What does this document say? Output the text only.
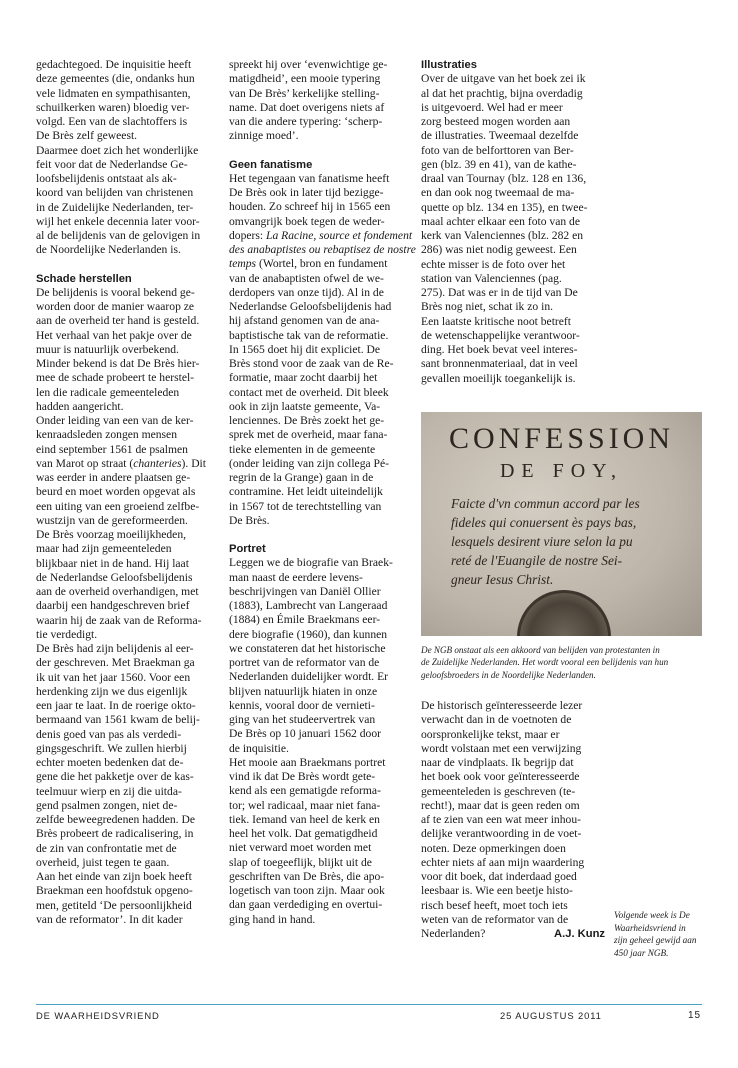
gedachtegoed. De inquisitie heeft
deze gemeentes (die, ondanks hun
vele lidmaten en sympathisanten,
schuilkerken waren) bloedig ver-
volgd. Een van de slachtoffers is
De Brès zelf geweest.
Daarmee doet zich het wonderlijke
feit voor dat de Nederlandse Ge-
loofsbelijdenis ontstaat als ak-
koord van belijden van christenen
in de Zuidelijke Nederlanden, ter-
wijl het enkele decennia later voor-
al de belijdenis van de gelovigen in
de Noordelijke Nederlanden is.

Schade herstellen

De belijdenis is vooral bekend ge-
worden door de manier waarop ze
aan de overheid ter hand is gesteld.
Het verhaal van het pakje over de
muur is natuurlijk overbekend.
Minder bekend is dat De Brès hier-
mee de schade probeert te herstel-
len die radicale gemeenteleden
hadden aangericht.
Onder leiding van een van de ker-
kenraadsleden zongen mensen
eind september 1561 de psalmen

van Marot op straat (chanteries). Dit

was eerder in andere plaatsen ge-
beurd en moet worden opgevat als
een uiting van een groeiend zelfbe-
wustzijn van de gereformeerden.
De Brès voorzag moeilijkheden,
maar had zijn gemeenteleden
blijkbaar niet in de hand. Hij laat
de Nederlandse Geloofsbelijdenis
aan de overheid overhandigen, met
daarbij een handgeschreven brief
waarin hij de zaak van de Reforma-
tie verdedigt.
De Brès had zijn belijdenis al eer-
der geschreven. Met Braekman ga
ik uit van het jaar 1560. Voor een
herdenking zijn we dus eigenlijk
een jaar te laat. In de roerige okto-
bermaand van 1561 kwam de belij-
denis goed van pas als verdedi-
gingsgeschrift. We zullen hierbij
echter moeten bedenken dat de-
gene die het pakketje over de kas-
teelmuur wierp en zij die uitda-
gend psalmen zongen, niet de-
zelfde beweegredenen hadden. De
Brès probeert de radicalisering, in
de zin van confrontatie met de
overheid, juist tegen te gaan.
Aan het einde van zijn boek heeft
Braekman een hoofdstuk opgeno-
men, getiteld ‘De persoonlijkheid
van de reformator’. In dit kader
spreekt hij over ‘evenwichtige ge-
matigdheid’, een mooie typering
van De Brès’ kerkelijke stelling-
name. Dat doet overigens niets af
van die andere typering: ‘scherp-
zinnige moed’.

Geen fanatisme

Het tegengaan van fanatisme heeft
De Brès ook in later tijd bezigge-
houden. Zo schreef hij in 1565 een
omvangrijk boek tegen de weder-

dopers: La Racine, source et fondement

des anabaptistes ou rebaptisez de nostre

temps (Wortel, bron en fundament

van de anabaptisten ofwel de we-
derdopers van onze tijd). Al in de
Nederlandse Geloofsbelijdenis had
hij afstand genomen van de ana-
baptistische tak van de reformatie.
In 1565 doet hij dit expliciet. De
Brès stond voor de zaak van de Re-
formatie, maar zocht daarbij het
contact met de overheid. Dit bleek
ook in zijn laatste gemeente, Va-
lenciennes. De Brès zoekt het ge-
sprek met de overheid, maar fana-
tieke elementen in de gemeente
(onder leiding van zijn collega Pé-
regrin de la Grange) gaan in de
contramine. Het leidt uiteindelijk
in 1567 tot de terechtstelling van
De Brès.

Portret

Leggen we de biografie van Braek-
man naast de eerdere levens-
beschrijvingen van Daniël Ollier
(1883), Lambrecht van Langeraad
(1884) en Émile Braekmans eer-
dere biografie (1960), dan kunnen
we constateren dat het historische
portret van de reformator van de
Nederlanden duidelijker wordt. Er
blijven natuurlijk hiaten in onze
kennis, vooral door de vernieti-
ging van het studeervertrek van
De Brès op 10 januari 1562 door
de inquisitie.
Het mooie aan Braekmans portret
vind ik dat De Brès wordt gete-
kend als een gematigde reforma-
tor; wel radicaal, maar niet fana-
tiek. Iemand van heel de kerk en
heel het volk. Dat gematigdheid
niet verward moet worden met
slap of toegeeflijk, blijkt uit de
geschriften van De Brès, die apo-
logetisch van toon zijn. Maar ook
dan gaan verdediging en overtui-
ging hand in hand.

Illustraties

Over de uitgave van het boek zei ik
al dat het prachtig, bijna overdadig
is uitgevoerd. Wel had er meer
zorg besteed mogen worden aan
de illustraties. Tweemaal dezelfde
foto van de belforttoren van Ber-
gen (blz. 39 en 41), van de kathe-
draal van Tournay (blz. 128 en 136,
en dan ook nog tweemaal de ma-
quette op blz. 134 en 135), en twee-
maal achter elkaar een foto van de
kerk van Valenciennes (blz. 282 en
286) was niet nodig geweest. Een
echte misser is de foto over het
station van Valenciennes (pag.
275). Dat was er in de tijd van De
Brès nog niet, schat ik zo in.
Een laatste kritische noot betreft
de wetenschappelijke verantwoor-
ding. Het boek bevat veel interes-
sant bronnenmateriaal, dat in veel
gevallen moeilijk toegankelijk is.
CONFESSION
DE FOY,
Faicte d'vn commun accord par les
fideles qui conuersent ès pays bas,
lesquels desirent viure selon la pu
reté de l'Euangile de nostre Sei-
gneur Iesus Christ.
De NGB onstaat als een akkoord van belijden van protestanten in
de Zuidelijke Nederlanden. Het wordt vooral een belijdenis van hun
geloofsbroeders in de Noordelijke Nederlanden.
De historisch geïnteresseerde lezer
verwacht dan in de voetnoten de
oorspronkelijke tekst, maar er
wordt volstaan met een verwijzing
naar de vindplaats. Ik begrijp dat
het boek ook voor geïnteresseerde
gemeenteleden is geschreven (te-
recht!), maar dat is geen reden om
af te zien van een wat meer inhou-
delijke verantwoording in de voet-
noten. Deze opmerkingen doen
echter niets af aan mijn waardering
voor dit boek, dat inderdaad goed
leesbaar is. Wie een beetje histo-
risch besef heeft, moet toch iets
weten van de reformator van de

Nederlanden?	A.J. Kunz

Volgende week is De
Waarheidsvriend in
zijn geheel gewijd aan
450 jaar NGB.
DE WAARHEIDSVRIEND	25 AUGUSTUS 2011	15
